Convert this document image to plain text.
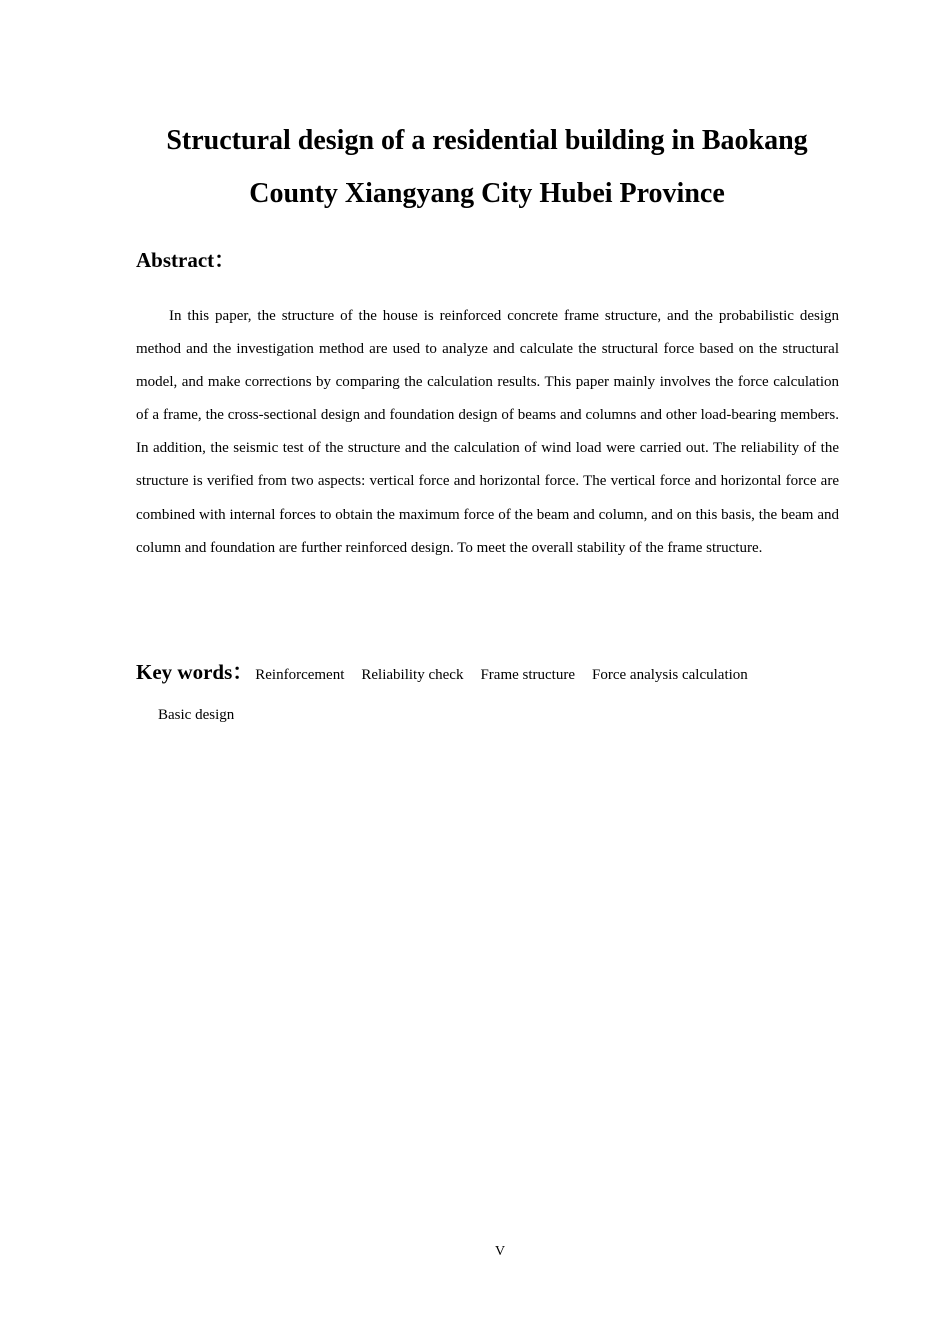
Structural design of a residential building in Baokang
County Xiangyang City Hubei Province
Abstract：

In this paper, the structure of the house is reinforced concrete frame structure, and the probabilistic design method and the investigation method are used to analyze and calculate the structural force based on the structural model, and make corrections by comparing the calculation results. This paper mainly involves the force calculation of a frame, the cross-sectional design and foundation design of beams and columns and other load-bearing members. In addition, the seismic test of the structure and the calculation of wind load were carried out. The reliability of the structure is verified from two aspects: vertical force and horizontal force. The vertical force and horizontal force are combined with internal forces to obtain the maximum force of the beam and column, and on this basis, the beam and column and foundation are further reinforced design. To meet the overall stability of the frame structure.

Key words： Reinforcement Reliability check Frame structure Force analysis calculation
Basic design
V
